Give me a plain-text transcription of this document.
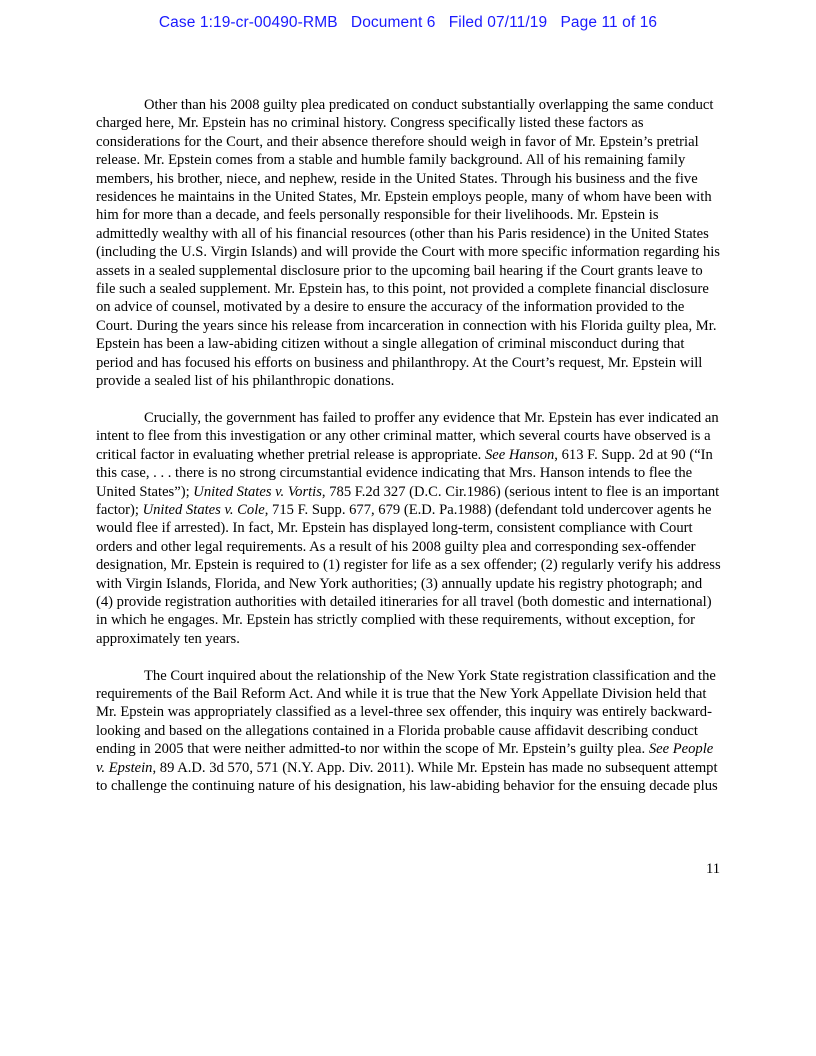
Case 1:19-cr-00490-RMB Document 6 Filed 07/11/19 Page 11 of 16

Other than his 2008 guilty plea predicated on conduct substantially overlapping the same conduct charged here, Mr. Epstein has no criminal history. Congress specifically listed these factors as considerations for the Court, and their absence therefore should weigh in favor of Mr. Epstein’s pretrial release. Mr. Epstein comes from a stable and humble family background. All of his remaining family members, his brother, niece, and nephew, reside in the United States. Through his business and the five residences he maintains in the United States, Mr. Epstein employs people, many of whom have been with him for more than a decade, and feels personally responsible for their livelihoods. Mr. Epstein is admittedly wealthy with all of his financial resources (other than his Paris residence) in the United States (including the U.S. Virgin Islands) and will provide the Court with more specific information regarding his assets in a sealed supplemental disclosure prior to the upcoming bail hearing if the Court grants leave to file such a sealed supplement. Mr. Epstein has, to this point, not provided a complete financial disclosure on advice of counsel, motivated by a desire to ensure the accuracy of the information provided to the Court. During the years since his release from incarceration in connection with his Florida guilty plea, Mr. Epstein has been a law-abiding citizen without a single allegation of criminal misconduct during that period and has focused his efforts on business and philanthropy. At the Court’s request, Mr. Epstein will provide a sealed list of his philanthropic donations.

Crucially, the government has failed to proffer any evidence that Mr. Epstein has ever indicated an intent to flee from this investigation or any other criminal matter, which several courts have observed is a critical factor in evaluating whether pretrial release is appropriate. See Hanson, 613 F. Supp. 2d at 90 (“In this case, . . . there is no strong circumstantial evidence indicating that Mrs. Hanson intends to flee the United States”); United States v. Vortis, 785 F.2d 327 (D.C. Cir.1986) (serious intent to flee is an important factor); United States v. Cole, 715 F. Supp. 677, 679 (E.D. Pa.1988) (defendant told undercover agents he would flee if arrested). In fact, Mr. Epstein has displayed long-term, consistent compliance with Court orders and other legal requirements. As a result of his 2008 guilty plea and corresponding sex-offender designation, Mr. Epstein is required to (1) register for life as a sex offender; (2) regularly verify his address with Virgin Islands, Florida, and New York authorities; (3) annually update his registry photograph; and (4) provide registration authorities with detailed itineraries for all travel (both domestic and international) in which he engages. Mr. Epstein has strictly complied with these requirements, without exception, for approximately ten years.

The Court inquired about the relationship of the New York State registration classification and the requirements of the Bail Reform Act. And while it is true that the New York Appellate Division held that Mr. Epstein was appropriately classified as a level-three sex offender, this inquiry was entirely backward-looking and based on the allegations contained in a Florida probable cause affidavit describing conduct ending in 2005 that were neither admitted-to nor within the scope of Mr. Epstein’s guilty plea. See People v. Epstein, 89 A.D. 3d 570, 571 (N.Y. App. Div. 2011). While Mr. Epstein has made no subsequent attempt to challenge the continuing nature of his designation, his law-abiding behavior for the ensuing decade plus

11
